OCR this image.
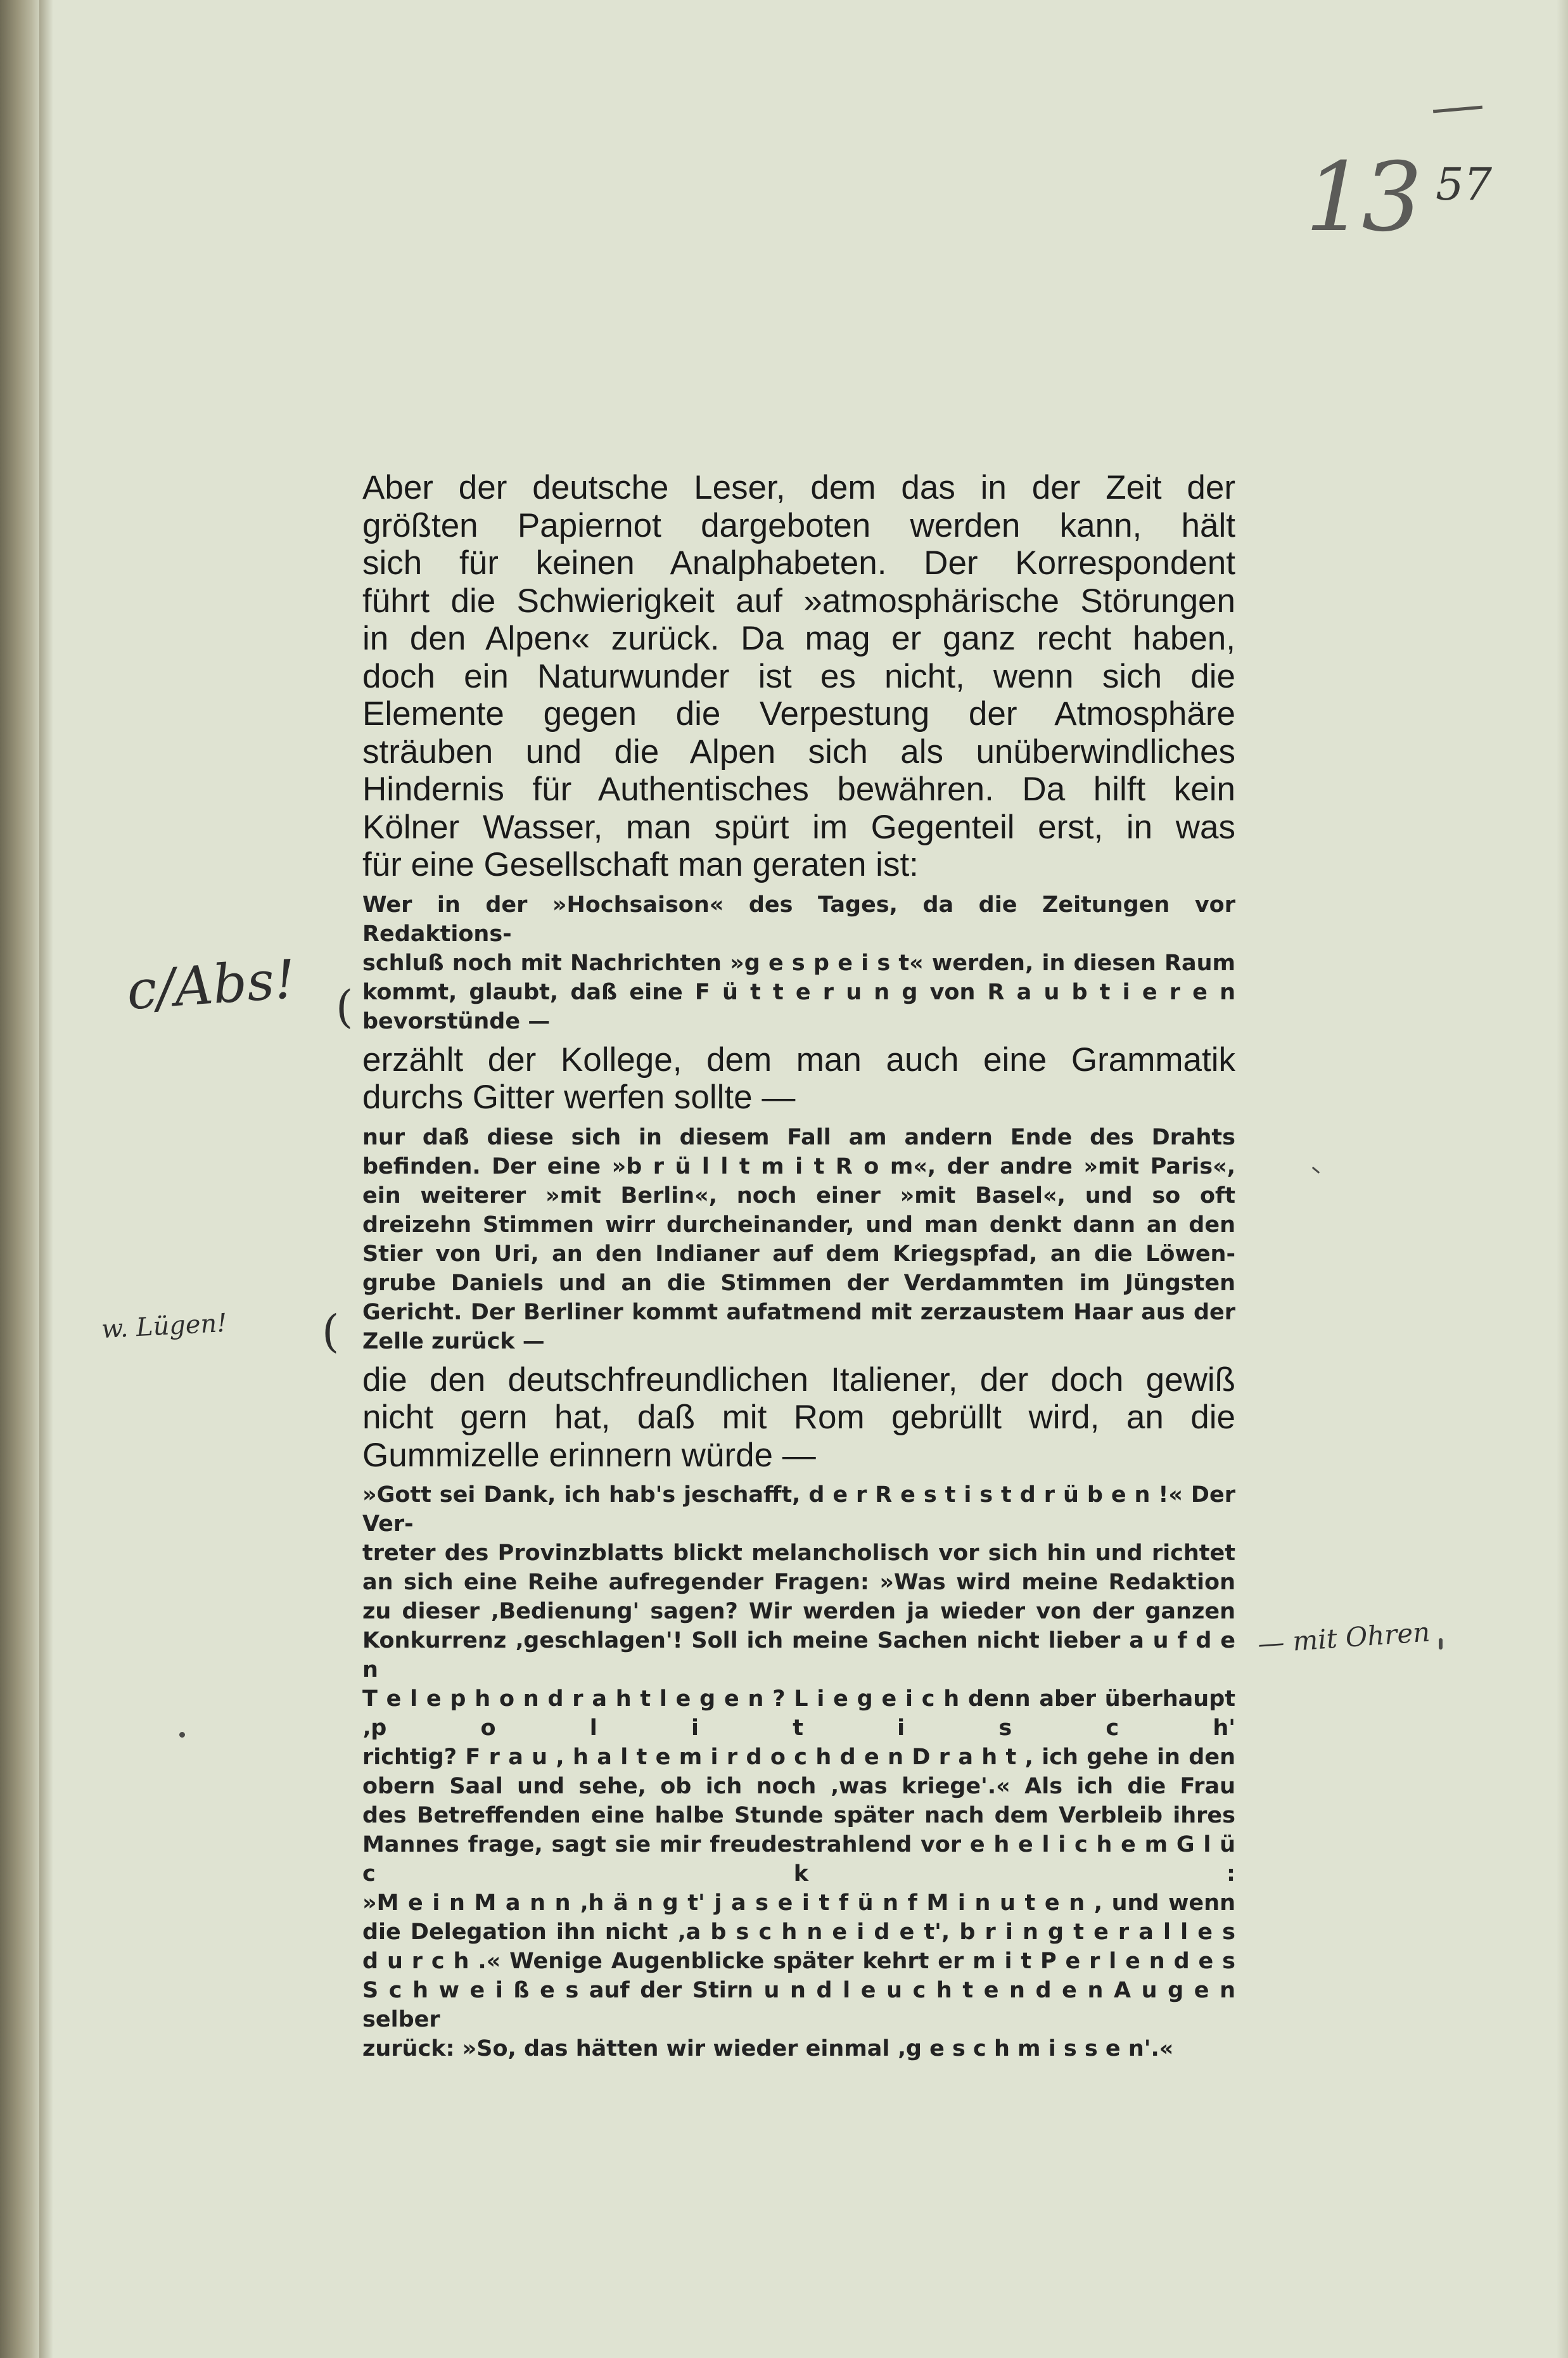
13 57
c/Abs!
w. Lügen!
— mit Ohren
(
(

Aber der deutsche Leser, dem das in der Zeit der

größten Papiernot dargeboten werden kann, hält

sich für keinen Analphabeten. Der Korrespondent

führt die Schwierigkeit auf »atmosphärische Störungen

in den Alpen« zurück. Da mag er ganz recht haben,

doch ein Naturwunder ist es nicht, wenn sich die

Elemente gegen die Verpestung der Atmosphäre

sträuben und die Alpen sich als unüberwindliches

Hindernis für Authentisches bewähren. Da hilft kein

Kölner Wasser, man spürt im Gegenteil erst, in was

für eine Gesellschaft man geraten ist:

Wer in der »Hochsaison« des Tages, da die Zeitungen vor Redaktions-

schluß noch mit Nachrichten »g e s p e i s t« werden, in diesen Raum

kommt, glaubt, daß eine F ü t t e r u n g von R a u b t i e r e n

bevorstünde —

erzählt der Kollege, dem man auch eine Grammatik

durchs Gitter werfen sollte —

nur daß diese sich in diesem Fall am andern Ende des Drahts

befinden. Der eine »b r ü l l t m i t R o m«, der andre »mit Paris«,

ein weiterer »mit Berlin«, noch einer »mit Basel«, und so oft

dreizehn Stimmen wirr durcheinander, und man denkt dann an den

Stier von Uri, an den Indianer auf dem Kriegspfad, an die Löwen-

grube Daniels und an die Stimmen der Verdammten im Jüngsten

Gericht. Der Berliner kommt aufatmend mit zerzaustem Haar aus der

Zelle zurück —

die den deutschfreundlichen Italiener, der doch gewiß

nicht gern hat, daß mit Rom gebrüllt wird, an die

Gummizelle erinnern würde —

»Gott sei Dank, ich hab's jeschafft, d e r R e s t i s t d r ü b e n !« Der Ver-

treter des Provinzblatts blickt melancholisch vor sich hin und richtet

an sich eine Reihe aufregender Fragen: »Was wird meine Redaktion

zu dieser ‚Bedienung' sagen? Wir werden ja wieder von der ganzen

Konkurrenz ‚geschlagen'! Soll ich meine Sachen nicht lieber a u f d e n

T e l e p h o n d r a h t l e g e n ? L i e g e i c h denn aber überhaupt ‚p o l i t i s c h'

richtig? F r a u , h a l t e m i r d o c h d e n D r a h t , ich gehe in den

obern Saal und sehe, ob ich noch ‚was kriege'.« Als ich die Frau

des Betreffenden eine halbe Stunde später nach dem Verbleib ihres

Mannes frage, sagt sie mir freudestrahlend vor e h e l i c h e m G l ü c k :

»M e i n M a n n ‚h ä n g t' j a s e i t f ü n f M i n u t e n , und wenn

die Delegation ihn nicht ‚a b s c h n e i d e t', b r i n g t e r a l l e s

d u r c h .« Wenige Augenblicke später kehrt er m i t P e r l e n d e s

S c h w e i ß e s auf der Stirn u n d l e u c h t e n d e n A u g e n selber

zurück: »So, das hätten wir wieder einmal ‚g e s c h m i s s e n'.«
